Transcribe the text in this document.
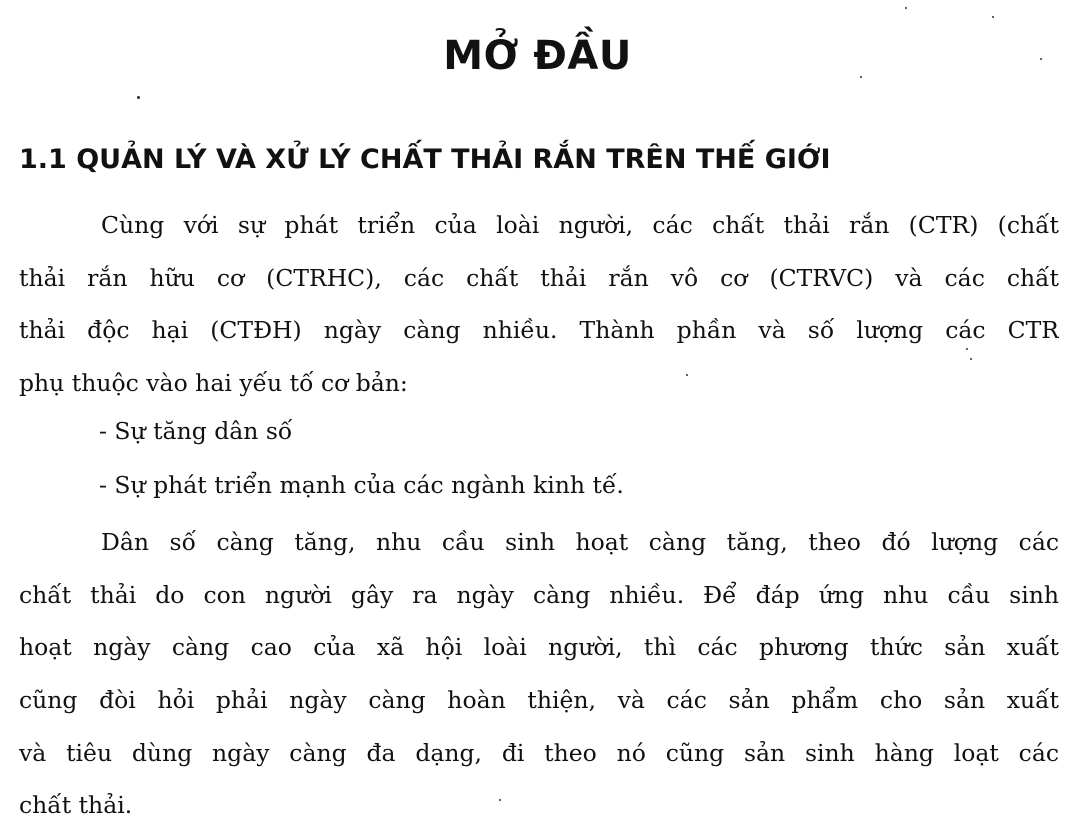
MỞ ĐẦU
1.1 QUẢN LÝ VÀ XỬ LÝ CHẤT THẢI RẮN TRÊN THẾ GIỚI
Cùng với sự phát triển của loài người, các chất thải rắn (CTR) (chất
thải rắn hữu cơ (CTRHC), các chất thải rắn vô cơ (CTRVC) và các chất
thải độc hại (CTĐH) ngày càng nhiều. Thành phần và số lượng các CTR
phụ thuộc vào hai yếu tố cơ bản:

- Sự tăng dân số

- Sự phát triển mạnh của các ngành kinh tế.

Dân số càng tăng, nhu cầu sinh hoạt càng tăng, theo đó lượng các
chất thải do con người gây ra ngày càng nhiều. Để đáp ứng nhu cầu sinh
hoạt ngày càng cao của xã hội loài người, thì các phương thức sản xuất
cũng đòi hỏi phải ngày càng hoàn thiện, và các sản phẩm cho sản xuất
và tiêu dùng ngày càng đa dạng, đi theo nó cũng sản sinh hàng loạt các
chất thải.
